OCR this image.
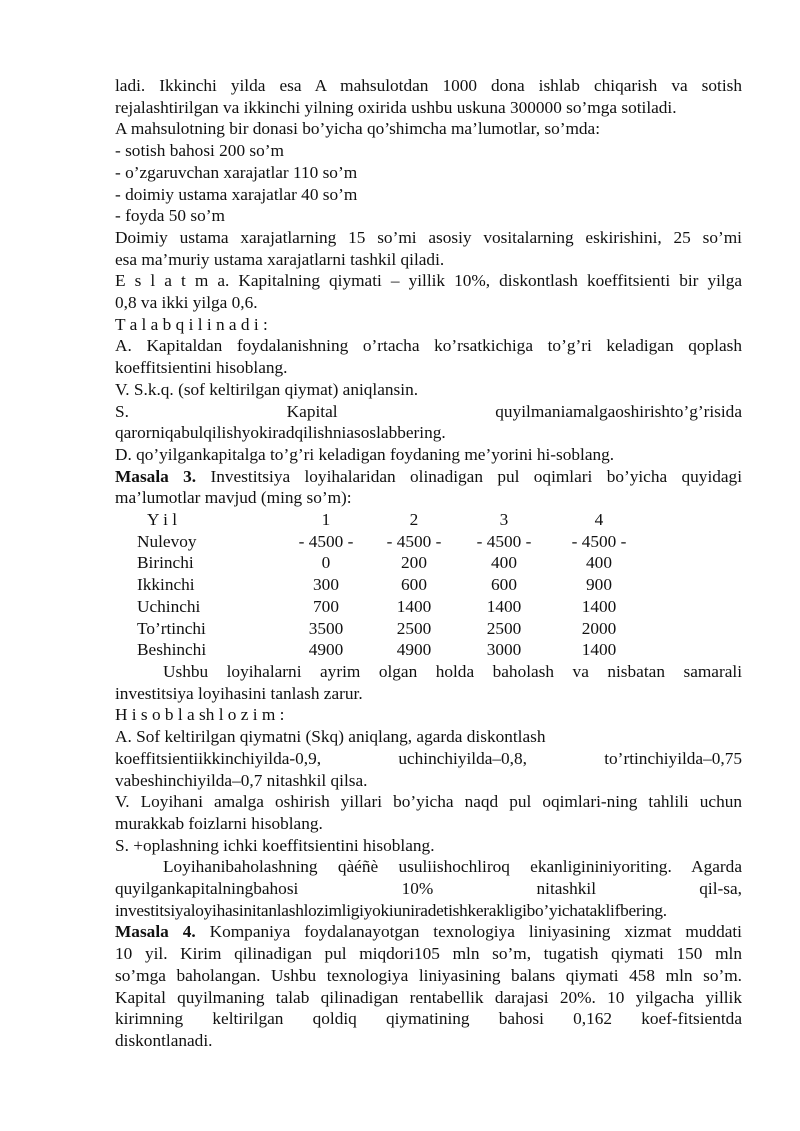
ladi. Ikkinchi yilda esa A mahsulotdan 1000 dona ishlab chiqarish va sotish
rejalashtirilgan va ikkinchi yilning oxirida ushbu uskuna 300000 so’mga sotiladi.
A mahsulotning bir donasi bo’yicha qo’shimcha ma’lumotlar, so’mda:
- sotish bahosi 200 so’m
- o’zgaruvchan xarajatlar 110 so’m
- doimiy ustama xarajatlar 40 so’m
- foyda 50 so’m
Doimiy ustama xarajatlarning 15 so’mi asosiy vositalarning eskirishini, 25 so’mi
esa ma’muriy ustama xarajatlarni tashkil qiladi.
E s l a t m a. Kapitalning qiymati – yillik 10%, diskontlash koeffitsienti bir yilga
0,8 va ikki yilga 0,6.
T a l a b q i l i n a d i :
A. Kapitaldan foydalanishning o’rtacha ko’rsatkichiga to’g’ri keladigan qoplash
koeffitsientini hisoblang.
V. S.k.q. (sof keltirilgan qiymat) aniqlansin.
S. Kapital quyilmaniamalgaoshirishto’g’risida
qarorniqabulqilishyokiradqilishniasoslabbering.
D. qo’yilgankapitalga to’g’ri keladigan foydaning me’yorini hi-soblang.
Masala 3. Investitsiya loyihalaridan olinadigan pul oqimlari bo’yicha quyidagi
ma’lumotlar mavjud (ming so’m):
Y i l	1	2	3	4
Nulevoy	- 4500 -	- 4500 -	- 4500 -	- 4500 -
Birinchi	0	200	400	400
Ikkinchi	300	600	600	900
Uchinchi	700	1400	1400	1400
To’rtinchi	3500	2500	2500	2000
Beshinchi	4900	4900	3000	1400
Ushbu loyihalarni ayrim olgan holda baholash va nisbatan samarali
investitsiya loyihasini tanlash zarur.
H i s o b l a sh l o z i m :
A. Sof keltirilgan qiymatni (Skq) aniqlang, agarda diskontlash
koeffitsientiikkinchiyilda-0,9, uchinchiyilda–0,8, to’rtinchiyilda–0,75
vabeshinchiyilda–0,7 nitashkil qilsa.
V. Loyihani amalga oshirish yillari bo’yicha naqd pul oqimlari-ning tahlili uchun
murakkab foizlarni hisoblang.
S. +oplashning ichki koeffitsientini hisoblang.
Loyihanibaholashning qàéñè usuliishochliroq ekanligininiyoriting. Agarda
quyilgankapitalningbahosi 10% nitashkil qil-sa,
investitsiyaloyihasinitanlashlozimligiyokiuniradetishkerakligibo’yichataklifbering.
Masala 4. Kompaniya foydalanayotgan texnologiya liniyasining xizmat muddati
10 yil. Kirim qilinadigan pul miqdori105 mln so’m, tugatish qiymati 150 mln
so’mga baholangan. Ushbu texnologiya liniyasining balans qiymati 458 mln so’m.
Kapital quyilmaning talab qilinadigan rentabellik darajasi 20%. 10 yilgacha yillik
kirimning keltirilgan qoldiq qiymatining bahosi 0,162 koef-fitsientda
diskontlanadi.
